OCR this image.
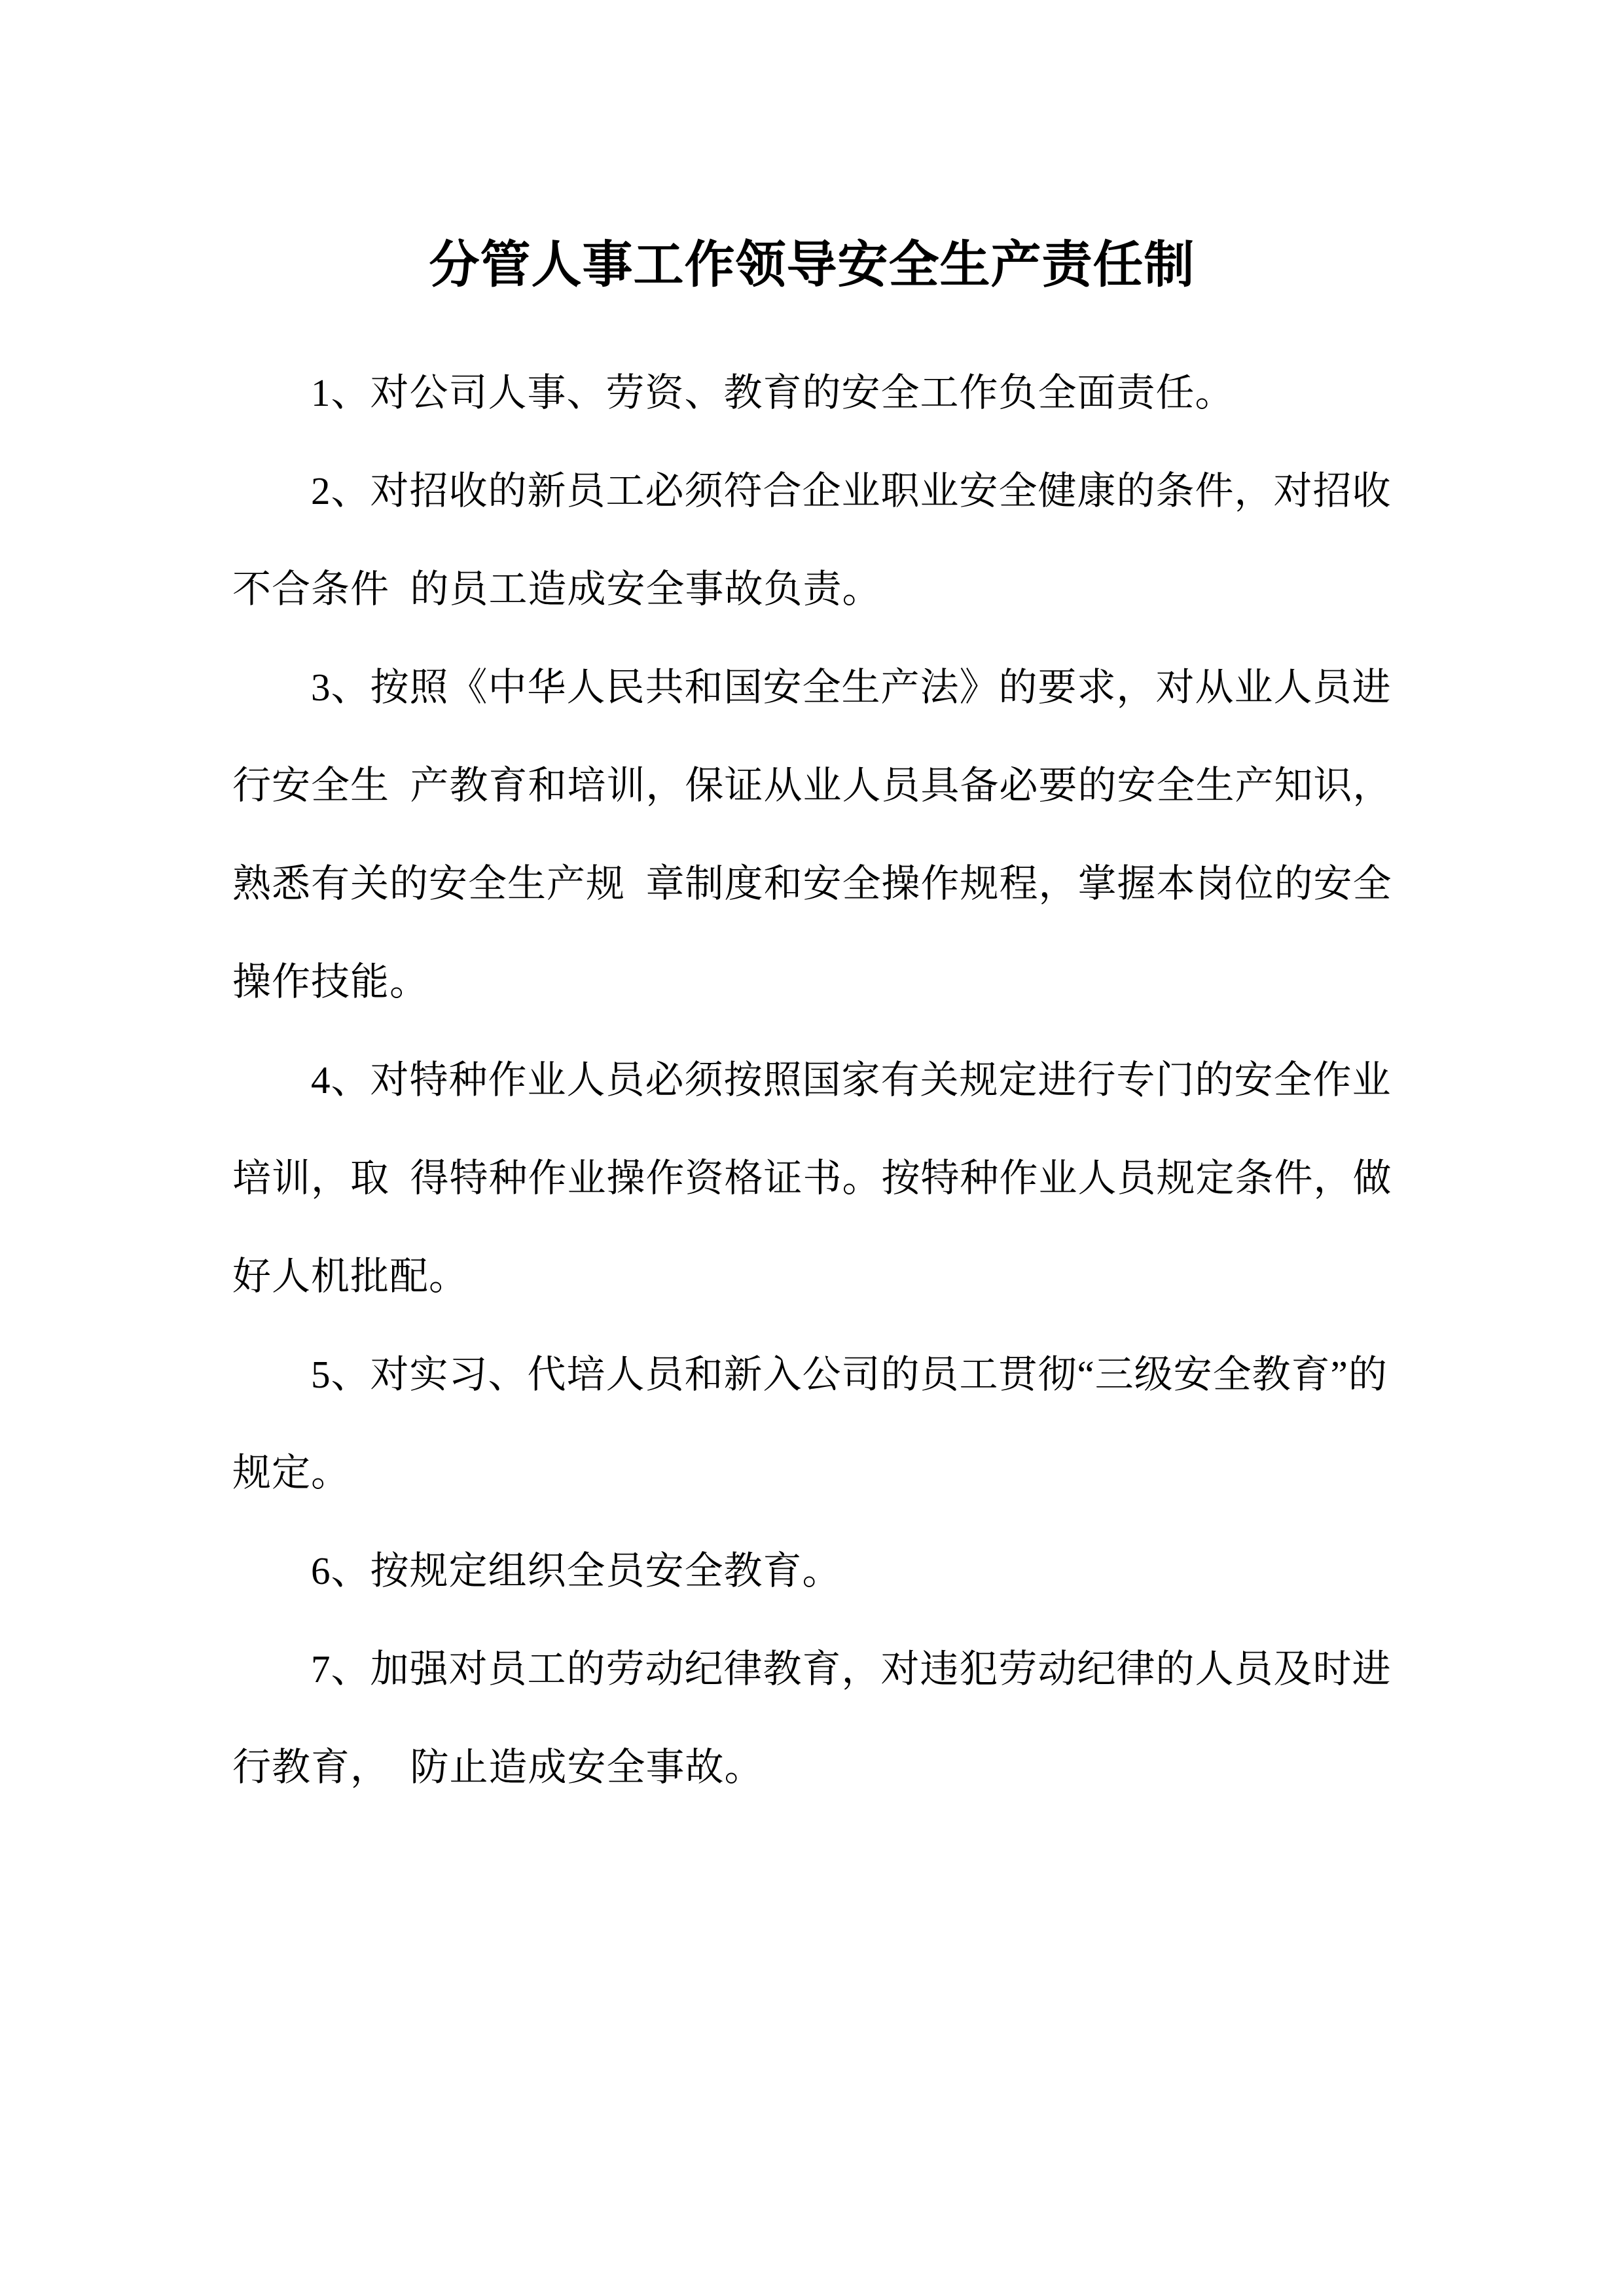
分管人事工作领导安全生产责任制
1、对公司人事、劳资、教育的安全工作负全面责任。
2、对招收的新员工必须符合企业职业安全健康的条件，对招收
不合条件  的员工造成安全事故负责。
3、按照《中华人民共和国安全生产法》的要求，对从业人员进
行安全生  产教育和培训，保证从业人员具备必要的安全生产知识，
熟悉有关的安全生产规  章制度和安全操作规程，掌握本岗位的安全
操作技能。
4、对特种作业人员必须按照国家有关规定进行专门的安全作业
培训，取  得特种作业操作资格证书。按特种作业人员规定条件，做
好人机批配。
5、对实习、代培人员和新入公司的员工贯彻“三级安全教育”的
规定。
6、按规定组织全员安全教育。
7、加强对员工的劳动纪律教育，对违犯劳动纪律的人员及时进
行教育，  防止造成安全事故。
